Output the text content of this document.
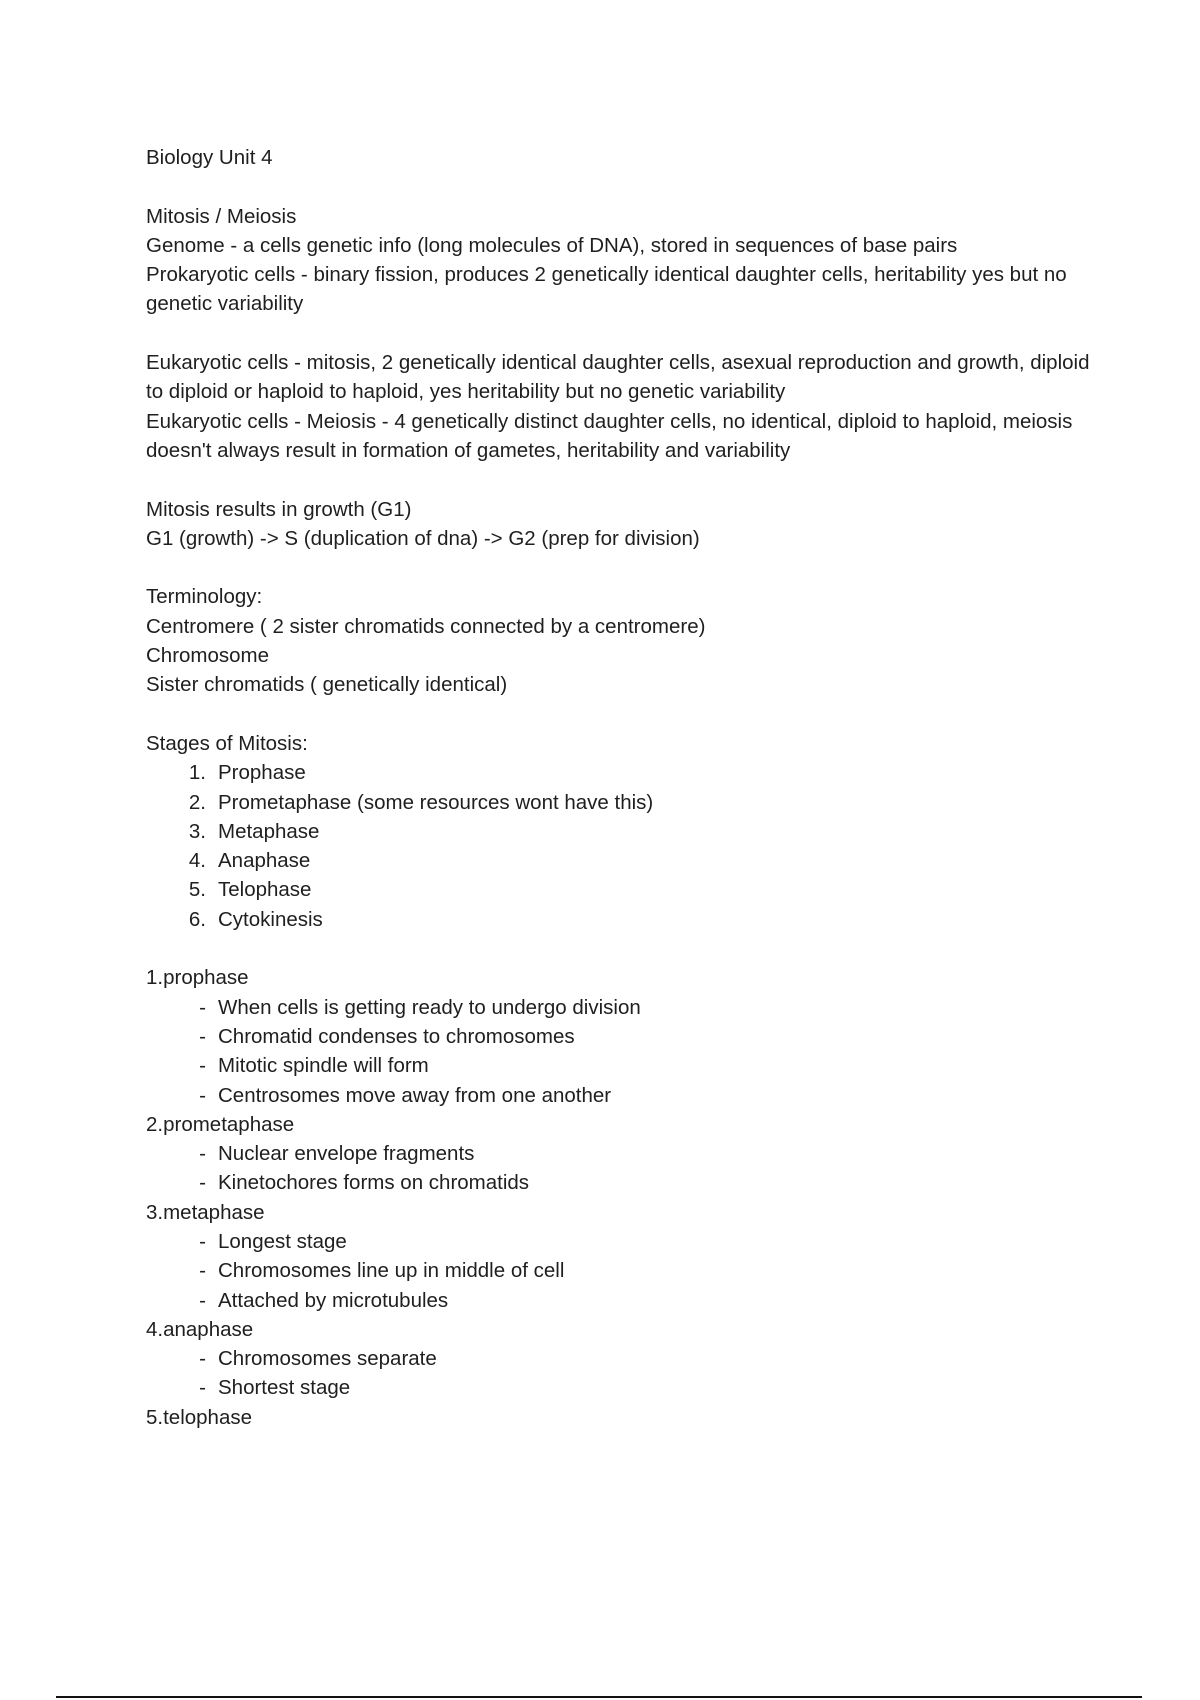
Biology Unit 4
Mitosis / Meiosis
Genome - a cells genetic info (long molecules of DNA), stored in sequences of base pairs
Prokaryotic cells - binary fission, produces 2 genetically identical daughter cells, heritability yes but no genetic variability
Eukaryotic cells - mitosis, 2 genetically identical daughter cells, asexual reproduction and growth, diploid to diploid or haploid to haploid, yes heritability but no genetic variability
Eukaryotic cells - Meiosis - 4 genetically distinct daughter cells, no identical, diploid to haploid, meiosis doesn't always result in formation of gametes, heritability and variability
Mitosis results in growth (G1)
G1 (growth) -> S (duplication of dna) -> G2 (prep for division)
Terminology:
Centromere ( 2 sister chromatids connected by a centromere)
Chromosome
Sister chromatids ( genetically identical)
Stages of Mitosis:
1. Prophase
2. Prometaphase (some resources wont have this)
3. Metaphase
4. Anaphase
5. Telophase
6. Cytokinesis
1.prophase
- When cells is getting ready to undergo division
- Chromatid condenses to chromosomes
- Mitotic spindle will form
- Centrosomes move away from one another
2.prometaphase
- Nuclear envelope fragments
- Kinetochores forms on chromatids
3.metaphase
- Longest stage
- Chromosomes line up in middle of cell
- Attached by microtubules
4.anaphase
- Chromosomes separate
- Shortest stage
5.telophase
